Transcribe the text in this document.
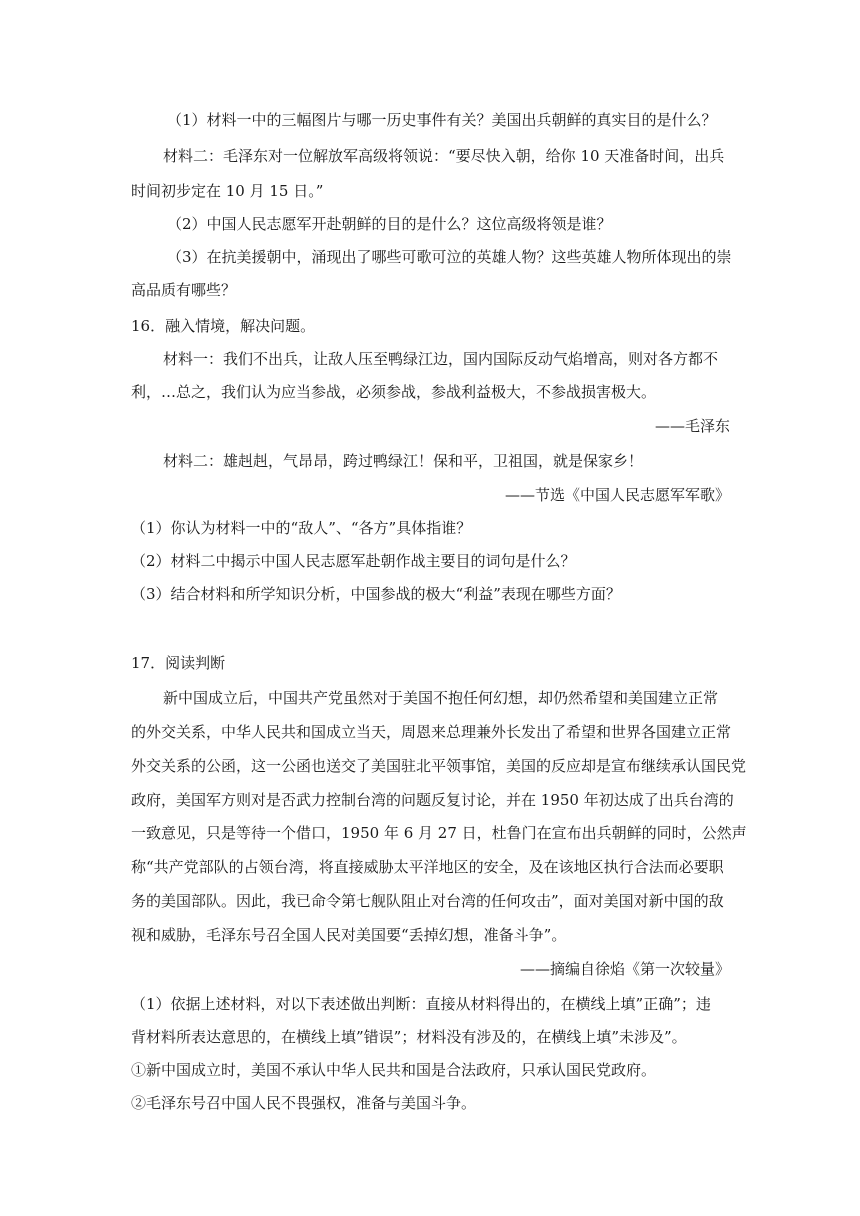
（1）材料一中的三幅图片与哪一历史事件有关？美国出兵朝鲜的真实目的是什么？
材料二：毛泽东对一位解放军高级将领说：“要尽快入朝，给你 10 天准备时间，出兵
时间初步定在 10 月 15 日。”
（2）中国人民志愿军开赴朝鲜的目的是什么？这位高级将领是谁？
（3）在抗美援朝中，涌现出了哪些可歌可泣的英雄人物？这些英雄人物所体现出的崇
高品质有哪些？
16．融入情境，解决问题。
材料一：我们不出兵，让敌人压至鸭绿江边，国内国际反动气焰增高，则对各方都不
利，…总之，我们认为应当参战，必须参战，参战利益极大，不参战损害极大。
——毛泽东
材料二：雄赳赳，气昂昂，跨过鸭绿江！保和平，卫祖国，就是保家乡！
——节选《中国人民志愿军军歌》
（1）你认为材料一中的“敌人”、“各方”具体指谁？
（2）材料二中揭示中国人民志愿军赴朝作战主要目的词句是什么？
（3）结合材料和所学知识分析，中国参战的极大“利益”表现在哪些方面？
17．阅读判断
新中国成立后，中国共产党虽然对于美国不抱任何幻想，却仍然希望和美国建立正常
的外交关系，中华人民共和国成立当天，周恩来总理兼外长发出了希望和世界各国建立正常
外交关系的公函，这一公函也送交了美国驻北平领事馆，美国的反应却是宣布继续承认国民党
政府，美国军方则对是否武力控制台湾的问题反复讨论，并在 1950 年初达成了出兵台湾的
一致意见，只是等待一个借口，1950 年 6 月 27 日，杜鲁门在宣布出兵朝鲜的同时，公然声
称“共产党部队的占领台湾，将直接威胁太平洋地区的安全，及在该地区执行合法而必要职
务的美国部队。因此，我已命令第七舰队阻止对台湾的任何攻击”，面对美国对新中国的敌
视和威胁，毛泽东号召全国人民对美国要“丢掉幻想，准备斗争”。
——摘编自徐焰《第一次较量》
（1）依据上述材料，对以下表述做出判断：直接从材料得出的，在横线上填”正确”；违
背材料所表达意思的，在横线上填”错误”；材料没有涉及的，在横线上填”未涉及”。
①新中国成立时，美国不承认中华人民共和国是合法政府，只承认国民党政府。
②毛泽东号召中国人民不畏强权，准备与美国斗争。
